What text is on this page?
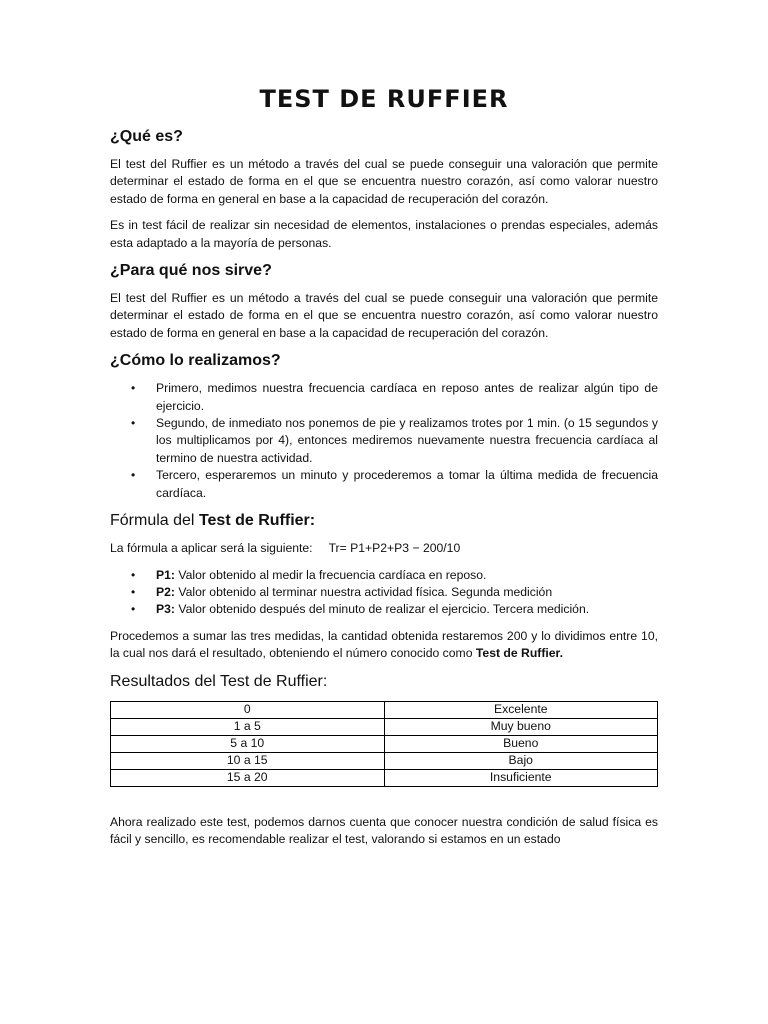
TEST DE RUFFIER
¿Qué es?

El test del Ruffier es un método a través del cual se puede conseguir una valoración que permite determinar el estado de forma en el que se encuentra nuestro corazón, así como valorar nuestro estado de forma en general en base a la capacidad de recuperación del corazón.

Es in test fácil de realizar sin necesidad de elementos, instalaciones o prendas especiales, además esta adaptado a la mayoría de personas.

¿Para qué nos sirve?

El test del Ruffier es un método a través del cual se puede conseguir una valoración que permite determinar el estado de forma en el que se encuentra nuestro corazón, así como valorar nuestro estado de forma en general en base a la capacidad de recuperación del corazón.

¿Cómo lo realizamos?
• Primero, medimos nuestra frecuencia cardíaca en reposo antes de realizar algún tipo de ejercicio.
• Segundo, de inmediato nos ponemos de pie y realizamos trotes por 1 min. (o 15 segundos y los multiplicamos por 4), entonces mediremos nuevamente nuestra frecuencia cardíaca al termino de nuestra actividad.
• Tercero, esperaremos un minuto y procederemos a tomar la última medida de frecuencia cardíaca.
Fórmula del Test de Ruffier:
La fórmula a aplicar será la siguiente: Tr= P1+P2+P3 − 200/10
• P1: Valor obtenido al medir la frecuencia cardíaca en reposo.
• P2: Valor obtenido al terminar nuestra actividad física. Segunda medición
• P3: Valor obtenido después del minuto de realizar el ejercicio. Tercera medición.

Procedemos a sumar las tres medidas, la cantidad obtenida restaremos 200 y lo dividimos entre 10, la cual nos dará el resultado, obteniendo el número conocido como Test de Ruffier.

Resultados del Test de Ruffier:
0	Excelente
1 a 5	Muy bueno
5 a 10	Bueno
10 a 15	Bajo
15 a 20	Insuficiente

Ahora realizado este test, podemos darnos cuenta que conocer nuestra condición de salud física es fácil y sencillo, es recomendable realizar el test, valorando si estamos en un estado
